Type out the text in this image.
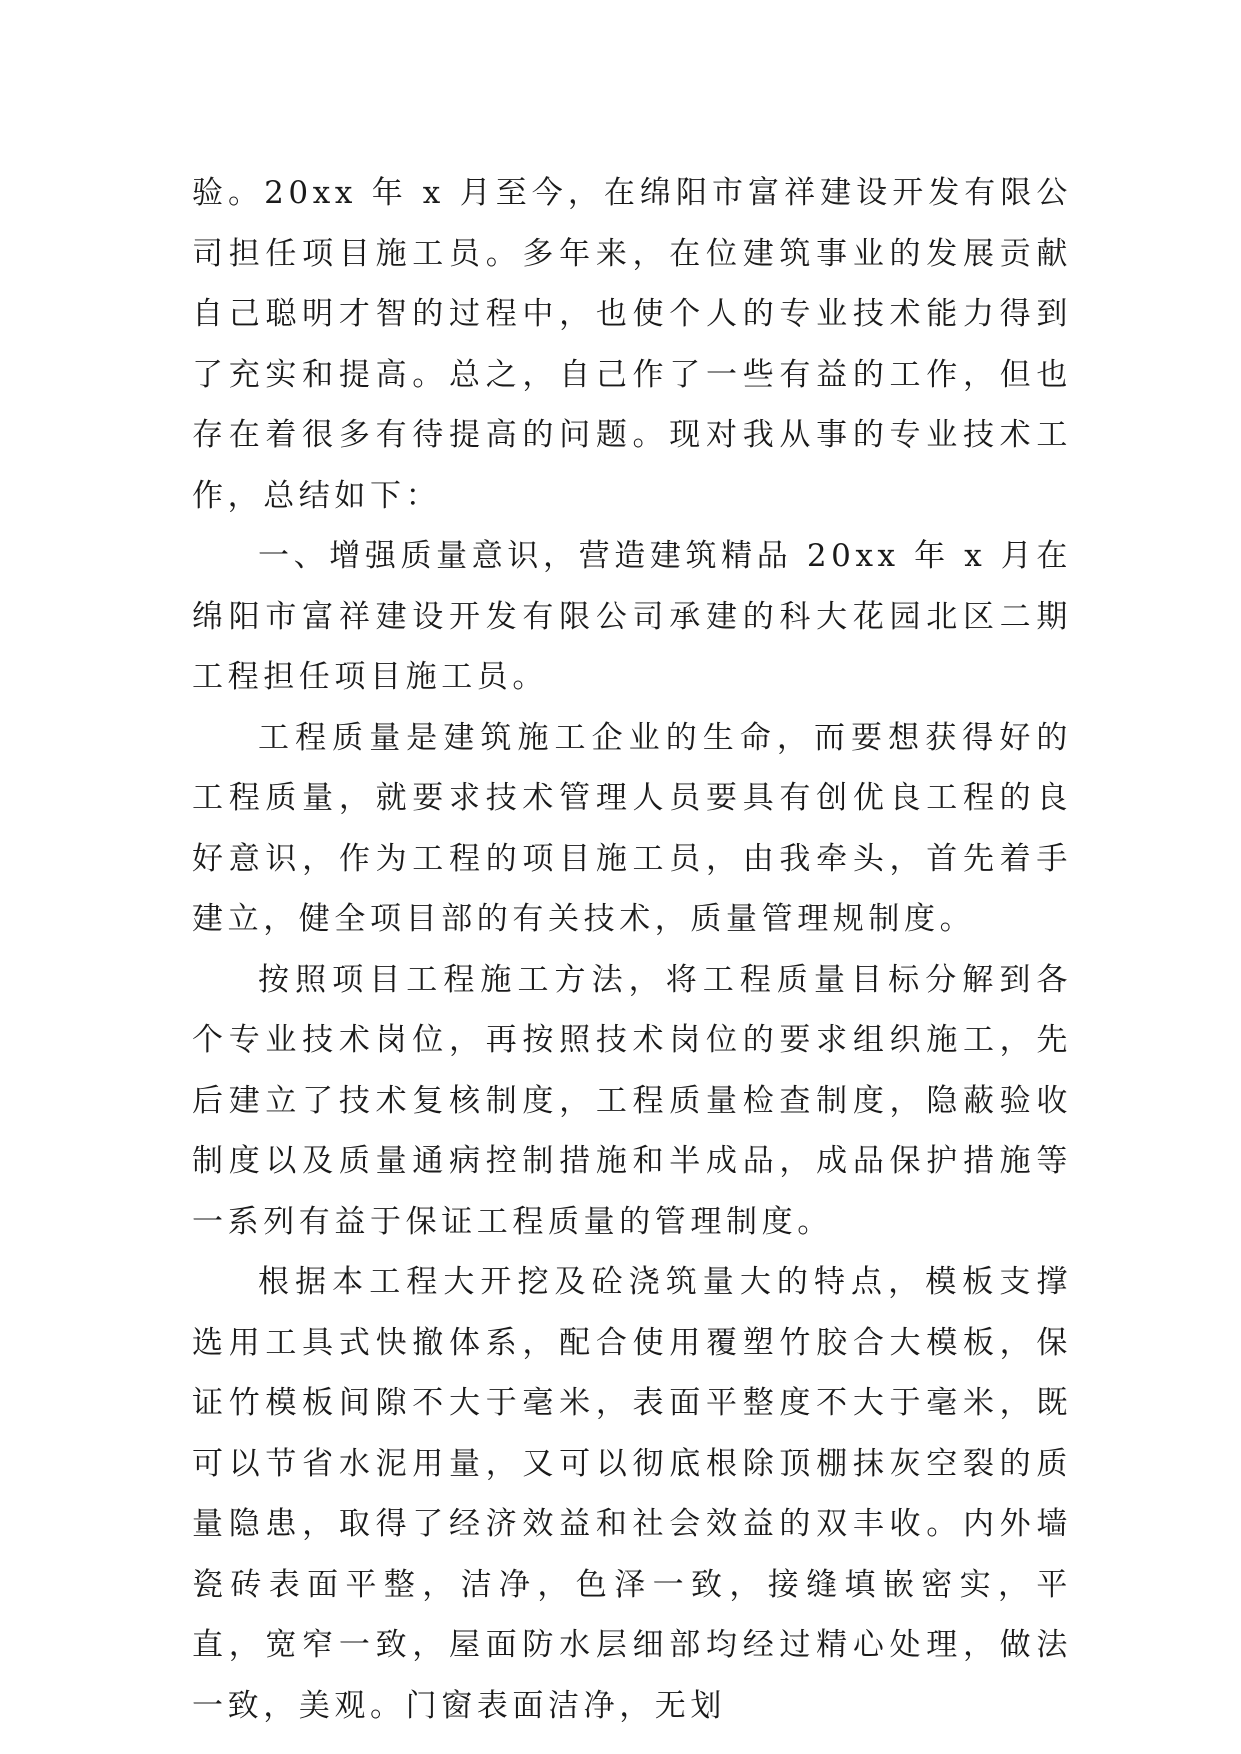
验。20xx 年 x 月至今，在绵阳市富祥建设开发有限公司担任项目施工员。多年来，在位建筑事业的发展贡献自己聪明才智的过程中，也使个人的专业技术能力得到了充实和提高。总之，自己作了一些有益的工作，但也存在着很多有待提高的问题。现对我从事的专业技术工作，总结如下：

一、增强质量意识，营造建筑精品 20xx 年 x 月在绵阳市富祥建设开发有限公司承建的科大花园北区二期工程担任项目施工员。

工程质量是建筑施工企业的生命，而要想获得好的工程质量，就要求技术管理人员要具有创优良工程的良好意识，作为工程的项目施工员，由我牵头，首先着手建立，健全项目部的有关技术，质量管理规制度。

按照项目工程施工方法，将工程质量目标分解到各个专业技术岗位，再按照技术岗位的要求组织施工，先后建立了技术复核制度，工程质量检查制度，隐蔽验收制度以及质量通病控制措施和半成品，成品保护措施等一系列有益于保证工程质量的管理制度。

根据本工程大开挖及砼浇筑量大的特点，模板支撑选用工具式快撤体系，配合使用覆塑竹胶合大模板，保证竹模板间隙不大于毫米，表面平整度不大于毫米，既可以节省水泥用量，又可以彻底根除顶棚抹灰空裂的质量隐患，取得了经济效益和社会效益的双丰收。内外墙瓷砖表面平整，洁净，色泽一致，接缝填嵌密实，平直，宽窄一致，屋面防水层细部均经过精心处理，做法一致，美观。门窗表面洁净，无划
